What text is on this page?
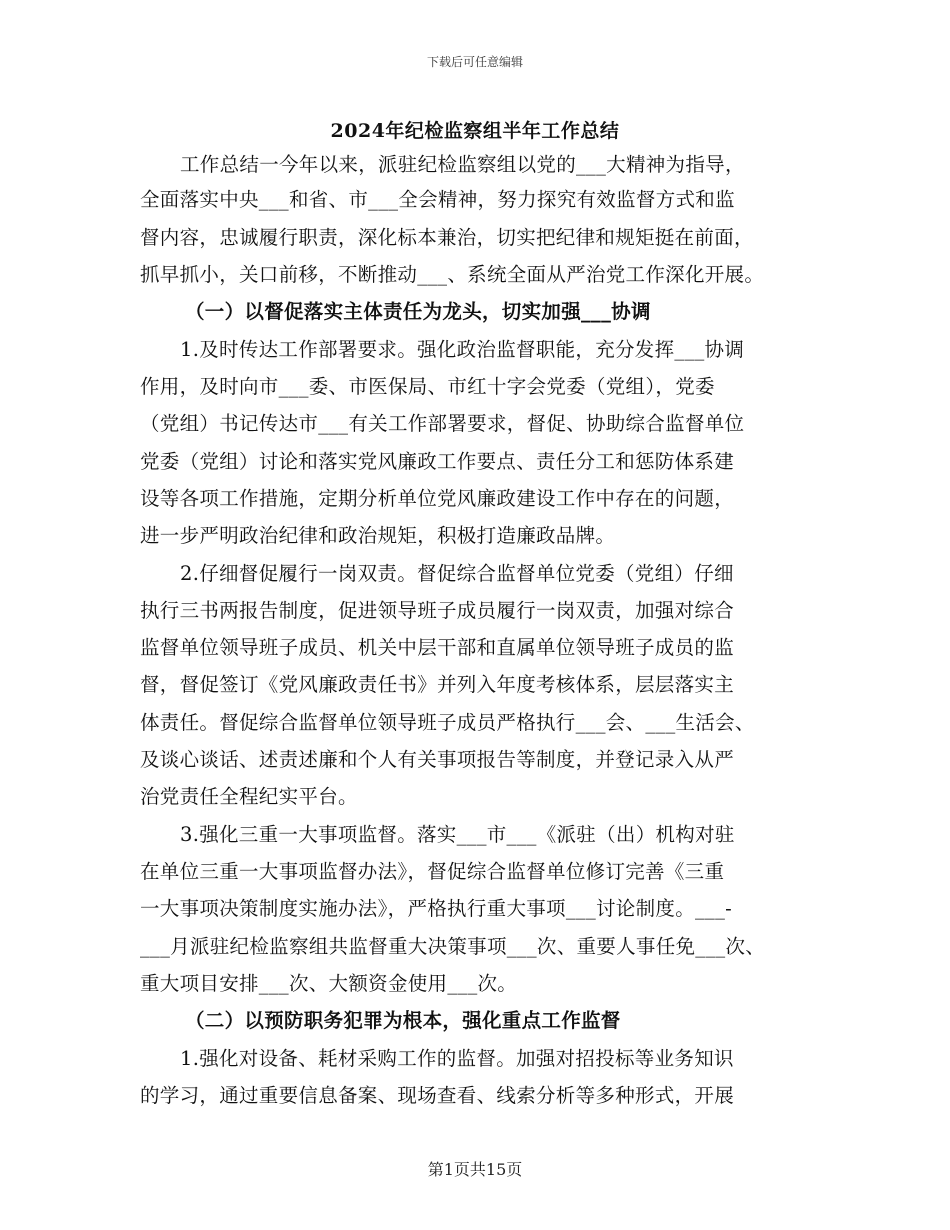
下载后可任意编辑
2024年纪检监察组半年工作总结
工作总结一今年以来，派驻纪检监察组以党的___大精神为指导，
全面落实中央___和省、市___全会精神，努力探究有效监督方式和监
督内容，忠诚履行职责，深化标本兼治，切实把纪律和规矩挺在前面，
抓早抓小，关口前移，不断推动___、系统全面从严治党工作深化开展。
（一）以督促落实主体责任为龙头，切实加强___协调
1.及时传达工作部署要求。强化政治监督职能，充分发挥___协调
作用，及时向市___委、市医保局、市红十字会党委（党组），党委
（党组）书记传达市___有关工作部署要求，督促、协助综合监督单位
党委（党组）讨论和落实党风廉政工作要点、责任分工和惩防体系建
设等各项工作措施，定期分析单位党风廉政建设工作中存在的问题，
进一步严明政治纪律和政治规矩，积极打造廉政品牌。
2.仔细督促履行一岗双责。督促综合监督单位党委（党组）仔细
执行三书两报告制度，促进领导班子成员履行一岗双责，加强对综合
监督单位领导班子成员、机关中层干部和直属单位领导班子成员的监
督，督促签订《党风廉政责任书》并列入年度考核体系，层层落实主
体责任。督促综合监督单位领导班子成员严格执行___会、___生活会、
及谈心谈话、述责述廉和个人有关事项报告等制度，并登记录入从严
治党责任全程纪实平台。
3.强化三重一大事项监督。落实___市___《派驻（出）机构对驻
在单位三重一大事项监督办法》，督促综合监督单位修订完善《三重
一大事项决策制度实施办法》，严格执行重大事项___讨论制度。___-
___月派驻纪检监察组共监督重大决策事项___次、重要人事任免___次、
重大项目安排___次、大额资金使用___次。
（二）以预防职务犯罪为根本，强化重点工作监督
1.强化对设备、耗材采购工作的监督。加强对招投标等业务知识
的学习，通过重要信息备案、现场查看、线索分析等多种形式，开展
第1页共15页
